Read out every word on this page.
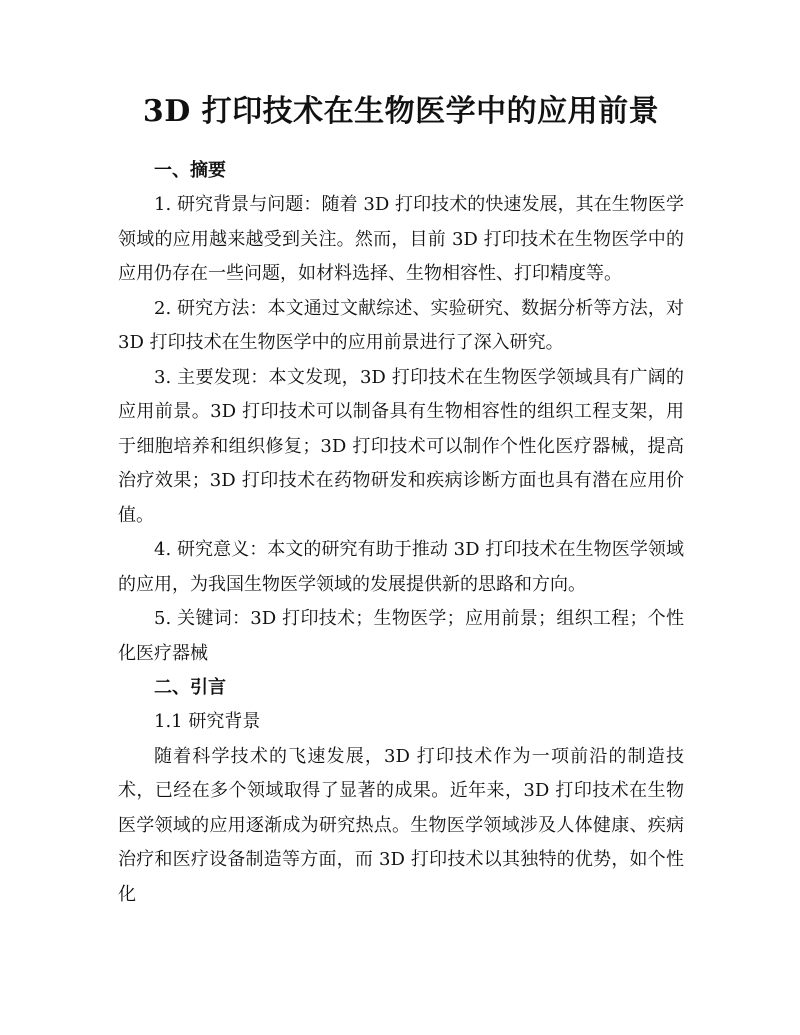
3D 打印技术在生物医学中的应用前景

一、摘要

1. 研究背景与问题：随着 3D 打印技术的快速发展，其在生物医学领域的应用越来越受到关注。然而，目前 3D 打印技术在生物医学中的应用仍存在一些问题，如材料选择、生物相容性、打印精度等。

2. 研究方法：本文通过文献综述、实验研究、数据分析等方法，对 3D 打印技术在生物医学中的应用前景进行了深入研究。

3. 主要发现：本文发现，3D 打印技术在生物医学领域具有广阔的应用前景。3D 打印技术可以制备具有生物相容性的组织工程支架，用于细胞培养和组织修复；3D 打印技术可以制作个性化医疗器械，提高治疗效果；3D 打印技术在药物研发和疾病诊断方面也具有潜在应用价值。

4. 研究意义：本文的研究有助于推动 3D 打印技术在生物医学领域的应用，为我国生物医学领域的发展提供新的思路和方向。

5. 关键词：3D 打印技术；生物医学；应用前景；组织工程；个性化医疗器械

二、引言

1.1 研究背景

随着科学技术的飞速发展，3D 打印技术作为一项前沿的制造技术，已经在多个领域取得了显著的成果。近年来，3D 打印技术在生物医学领域的应用逐渐成为研究热点。生物医学领域涉及人体健康、疾病治疗和医疗设备制造等方面，而 3D 打印技术以其独特的优势，如个性化
